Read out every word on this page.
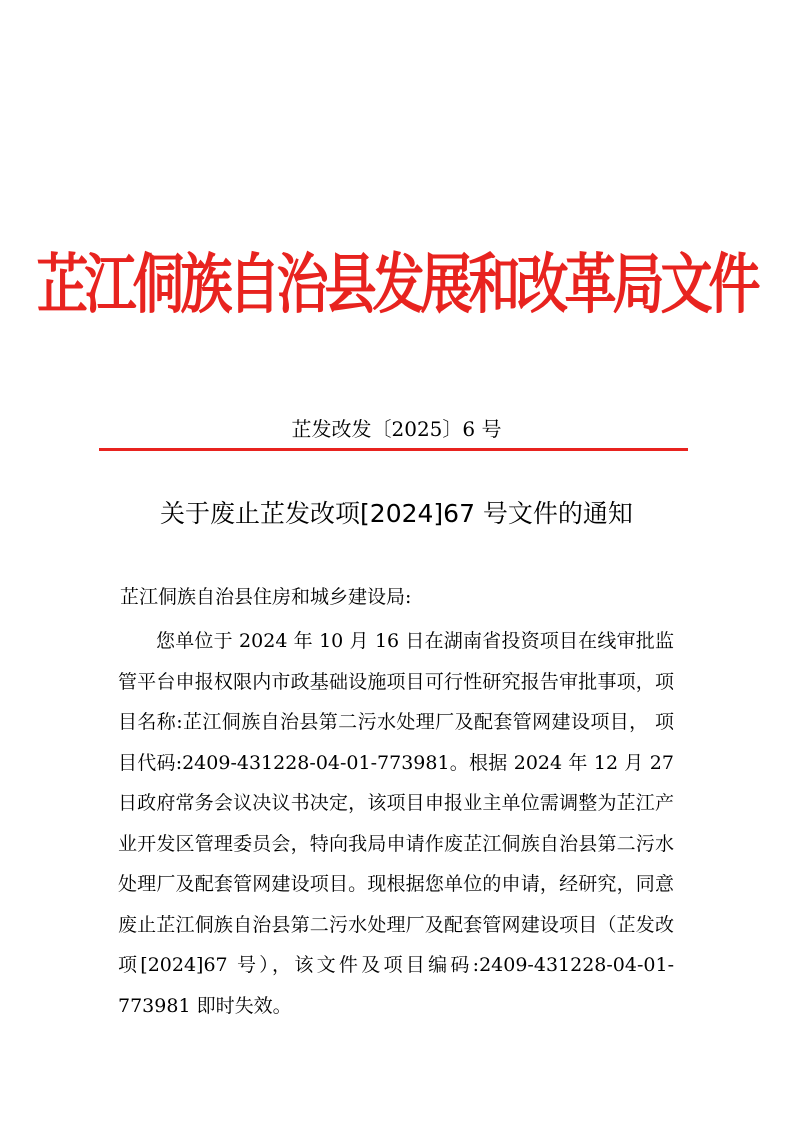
芷江侗族自治县发展和改革局文件
芷发改发〔2025〕6 号
关于废止芷发改项[2024]67 号文件的通知
芷江侗族自治县住房和城乡建设局:
您单位于 2024 年 10 月 16 日在湖南省投资项目在线审批监管平台申报权限内市政基础设施项目可行性研究报告审批事项，项目名称:芷江侗族自治县第二污水处理厂及配套管网建设项目， 项目代码:2409-431228-04-01-773981。根据 2024 年 12 月 27 日政府常务会议决议书决定，该项目申报业主单位需调整为芷江产业开发区管理委员会，特向我局申请作废芷江侗族自治县第二污水处理厂及配套管网建设项目。现根据您单位的申请，经研究，同意废止芷江侗族自治县第二污水处理厂及配套管网建设项目（芷发改项[2024]67 号），该文件及项目编码:2409-431228-04-01-773981 即时失效。
